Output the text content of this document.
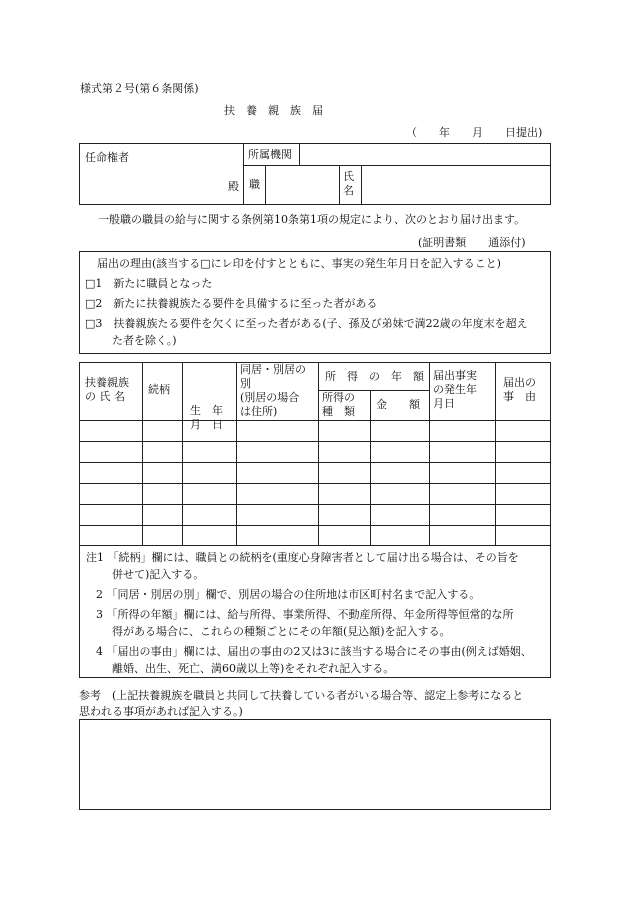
様式第２号(第６条関係)
扶　養　親　族　届
（　　年　　月　　日提出)
任命権者
殿
所属機関
職
氏名
一般職の職員の給与に関する条例第10条第1項の規定により、次のとおり届け出ます。
(証明書類　　通添付)
届出の理由(該当する□にレ印を付すとともに、事実の発生年月日を記入すること)
□1　新たに職員となった
□2　新たに扶養親族たる要件を具備するに至った者がある
□3　扶養親族たる要件を欠くに至った者がある(子、孫及び弟妹で満22歳の年度末を超え
た者を除く。)
扶養親族
の 氏 名
続柄

生　年
月　日

同居・別居の
別
(別居の場合
は住所)
所　得　の　年　額
所得の
種　類
金　　額
届出事実
の発生年
月日
届出の
事　由
注1 「続柄」欄には、職員との続柄を(重度心身障害者として届け出る場合は、その旨を
併せて)記入する。
2 「同居・別居の別」欄で、別居の場合の住所地は市区町村名まで記入する。
3 「所得の年額」欄には、給与所得、事業所得、不動産所得、年金所得等恒常的な所
得がある場合に、これらの種類ごとにその年額(見込額)を記入する。
4 「届出の事由」欄には、届出の事由の2又は3に該当する場合にその事由(例えば婚姻、
離婚、出生、死亡、満60歳以上等)をそれぞれ記入する。
参考　(上記扶養親族を職員と共同して扶養している者がいる場合等、認定上参考になると
思われる事項があれば記入する。)
